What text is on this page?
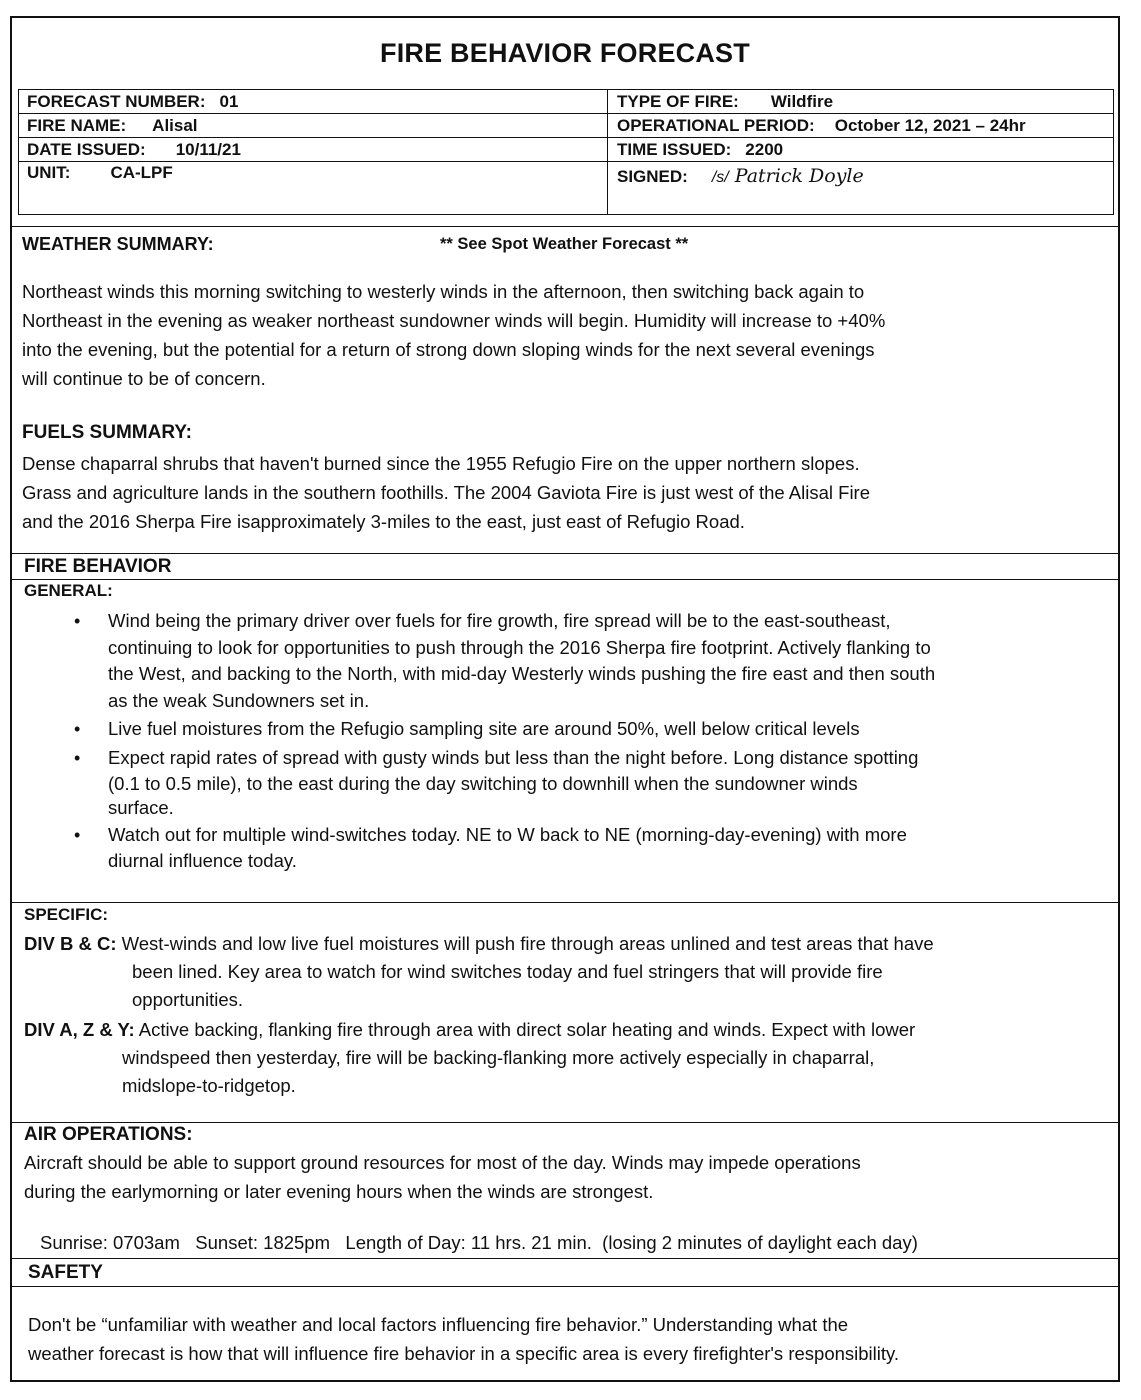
FIRE BEHAVIOR FORECAST
FORECAST NUMBER: 01
FIRE NAME: Alisal
DATE ISSUED: 10/11/21
UNIT: CA-LPF
TYPE OF FIRE: Wildfire
OPERATIONAL PERIOD: October 12, 2021 – 24hr
TIME ISSUED: 2200
SIGNED: /s/ Patrick Doyle
WEATHER SUMMARY:	** See Spot Weather Forecast **
Northeast winds this morning switching to westerly winds in the afternoon, then switching back again to
Northeast in the evening as weaker northeast sundowner winds will begin. Humidity will increase to +40%
into the evening, but the potential for a return of strong down sloping winds for the next several evenings
will continue to be of concern.
FUELS SUMMARY:
Dense chaparral shrubs that haven't burned since the 1955 Refugio Fire on the upper northern slopes.
Grass and agriculture lands in the southern foothills. The 2004 Gaviota Fire is just west of the Alisal Fire
and the 2016 Sherpa Fire isapproximately 3-miles to the east, just east of Refugio Road.
FIRE BEHAVIOR
GENERAL:
• Wind being the primary driver over fuels for fire growth, fire spread will be to the east-southeast,
continuing to look for opportunities to push through the 2016 Sherpa fire footprint. Actively flanking to
the West, and backing to the North, with mid-day Westerly winds pushing the fire east and then south
as the weak Sundowners set in.
• Live fuel moistures from the Refugio sampling site are around 50%, well below critical levels
• Expect rapid rates of spread with gusty winds but less than the night before. Long distance spotting
(0.1 to 0.5 mile), to the east during the day switching to downhill when the sundowner winds
surface.
• Watch out for multiple wind-switches today. NE to W back to NE (morning-day-evening) with more
diurnal influence today.
SPECIFIC:
DIV B & C: West-winds and low live fuel moistures will push fire through areas unlined and test areas that have
been lined. Key area to watch for wind switches today and fuel stringers that will provide fire
opportunities.
DIV A, Z & Y: Active backing, flanking fire through area with direct solar heating and winds. Expect with lower
windspeed then yesterday, fire will be backing-flanking more actively especially in chaparral,
midslope-to-ridgetop.
AIR OPERATIONS:
Aircraft should be able to support ground resources for most of the day. Winds may impede operations
during the earlymorning or later evening hours when the winds are strongest.
Sunrise: 0703am   Sunset: 1825pm   Length of Day: 11 hrs. 21 min.  (losing 2 minutes of daylight each day)
SAFETY
Don't be “unfamiliar with weather and local factors influencing fire behavior.” Understanding what the
weather forecast is how that will influence fire behavior in a specific area is every firefighter's responsibility.
